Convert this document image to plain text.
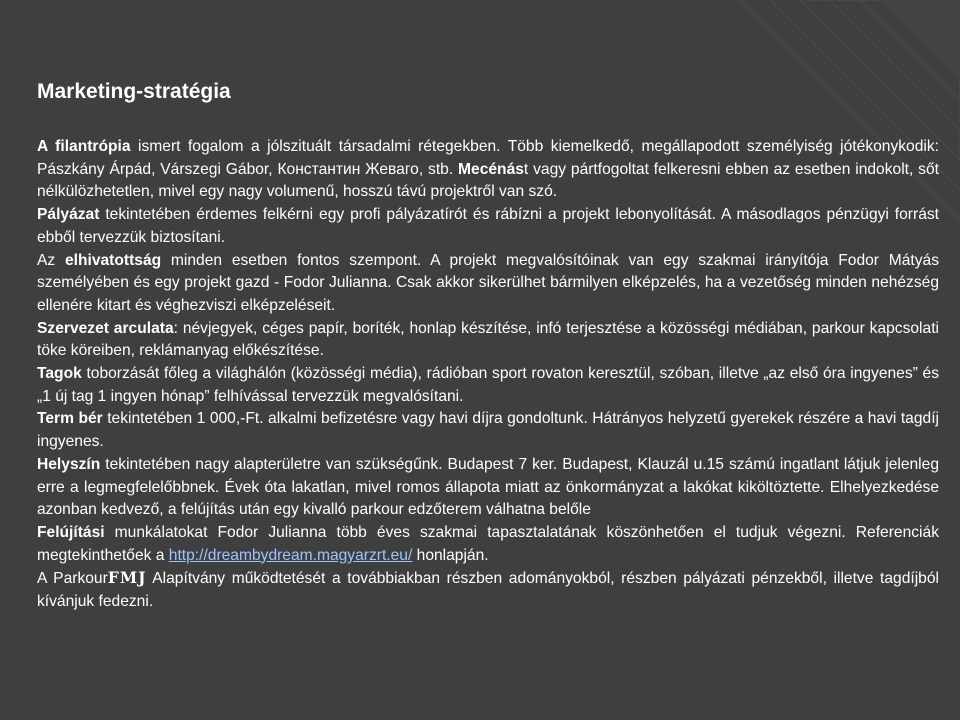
Marketing-stratégia

A filantrópia ismert fogalom a jólszituált társadalmi rétegekben. Több kiemelkedő, megállapodott személyiség jótékonykodik: Pászkány Árpád, Várszegi Gábor, Константин Жеваго, stb. Mecénást vagy pártfogoltat felkeresni ebben az esetben indokolt, sőt nélkülözhetetlen, mivel egy nagy volumenű, hosszú távú projektről van szó.

Pályázat tekintetében érdemes felkérni egy profi pályázatírót és rábízni a projekt lebonyolítását. A másodlagos pénzügyi forrást ebből tervezzük biztosítani.

Az elhivatottság minden esetben fontos szempont. A projekt megvalósítóinak van egy szakmai irányítója Fodor Mátyás személyében és egy projekt gazd - Fodor Julianna. Csak akkor sikerülhet bármilyen elképzelés, ha a vezetőség minden nehézség ellenére kitart és véghezviszi elképzeléseit.

Szervezet arculata: névjegyek, céges papír, boríték, honlap készítése, infó terjesztése a közösségi médiában, parkour kapcsolati töke köreiben, reklámanyag előkészítése.

Tagok toborzását főleg a világhálón (közösségi média), rádióban sport rovaton keresztül, szóban, illetve „az első óra ingyenes” és „1 új tag 1 ingyen hónap” felhívással tervezzük megvalósítani.

Term bér tekintetében 1 000,-Ft. alkalmi befizetésre vagy havi díjra gondoltunk. Hátrányos helyzetű gyerekek részére a havi tagdíj ingyenes.

Helyszín tekintetében nagy alapterületre van szükségűnk. Budapest 7 ker. Budapest, Klauzál u.15 számú ingatlant látjuk jelenleg erre a legmegfelelőbbnek. Évek óta lakatlan, mivel romos állapota miatt az önkormányzat a lakókat kiköltöztette. Elhelyezkedése azonban kedvező, a felújítás után egy kivalló parkour edzőterem válhatna belőle

Felújítási munkálatokat Fodor Julianna több éves szakmai tapasztalatának köszönhetően el tudjuk végezni. Referenciák megtekinthetőek a http://dreambydream.magyarzrt.eu/ honlapján.

A ParkourFMJ Alapítvány működtetését a továbbiakban részben adományokból, részben pályázati pénzekből, illetve tagdíjból kívánjuk fedezni.
